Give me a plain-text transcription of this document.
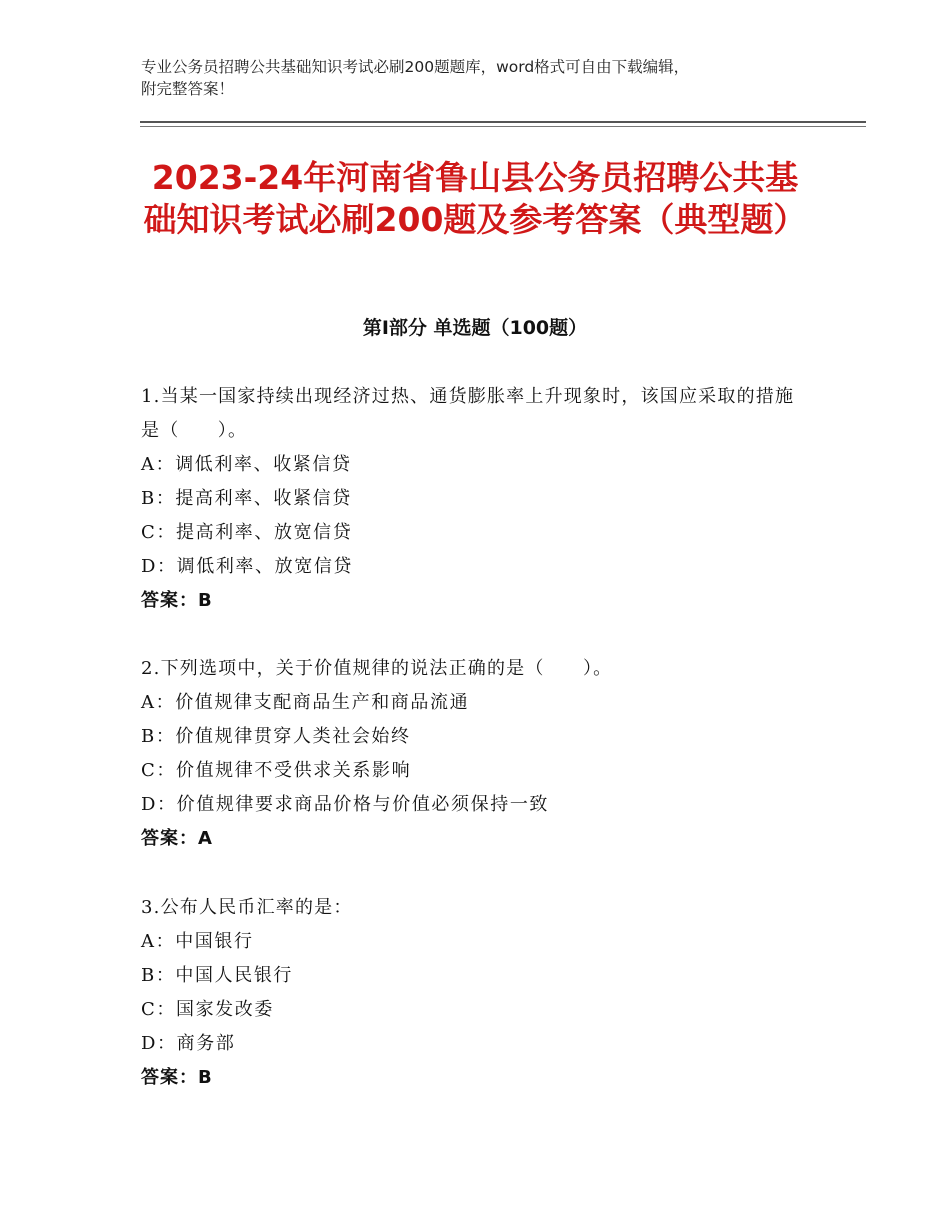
专业公务员招聘公共基础知识考试必刷200题题库，word格式可自由下载编辑，
附完整答案！
2023-24年河南省鲁山县公务员招聘公共基础知识考试必刷200题及参考答案（典型题）
第Ⅰ部分 单选题（100题）
1.当某一国家持续出现经济过热、通货膨胀率上升现象时，该国应采取的措施是（　　）。
A：调低利率、收紧信贷
B：提高利率、收紧信贷
C：提高利率、放宽信贷
D：调低利率、放宽信贷
答案：B
2.下列选项中，关于价值规律的说法正确的是（　　）。
A：价值规律支配商品生产和商品流通
B：价值规律贯穿人类社会始终
C：价值规律不受供求关系影响
D：价值规律要求商品价格与价值必须保持一致
答案：A
3.公布人民币汇率的是：
A：中国银行
B：中国人民银行
C：国家发改委
D：商务部
答案：B
